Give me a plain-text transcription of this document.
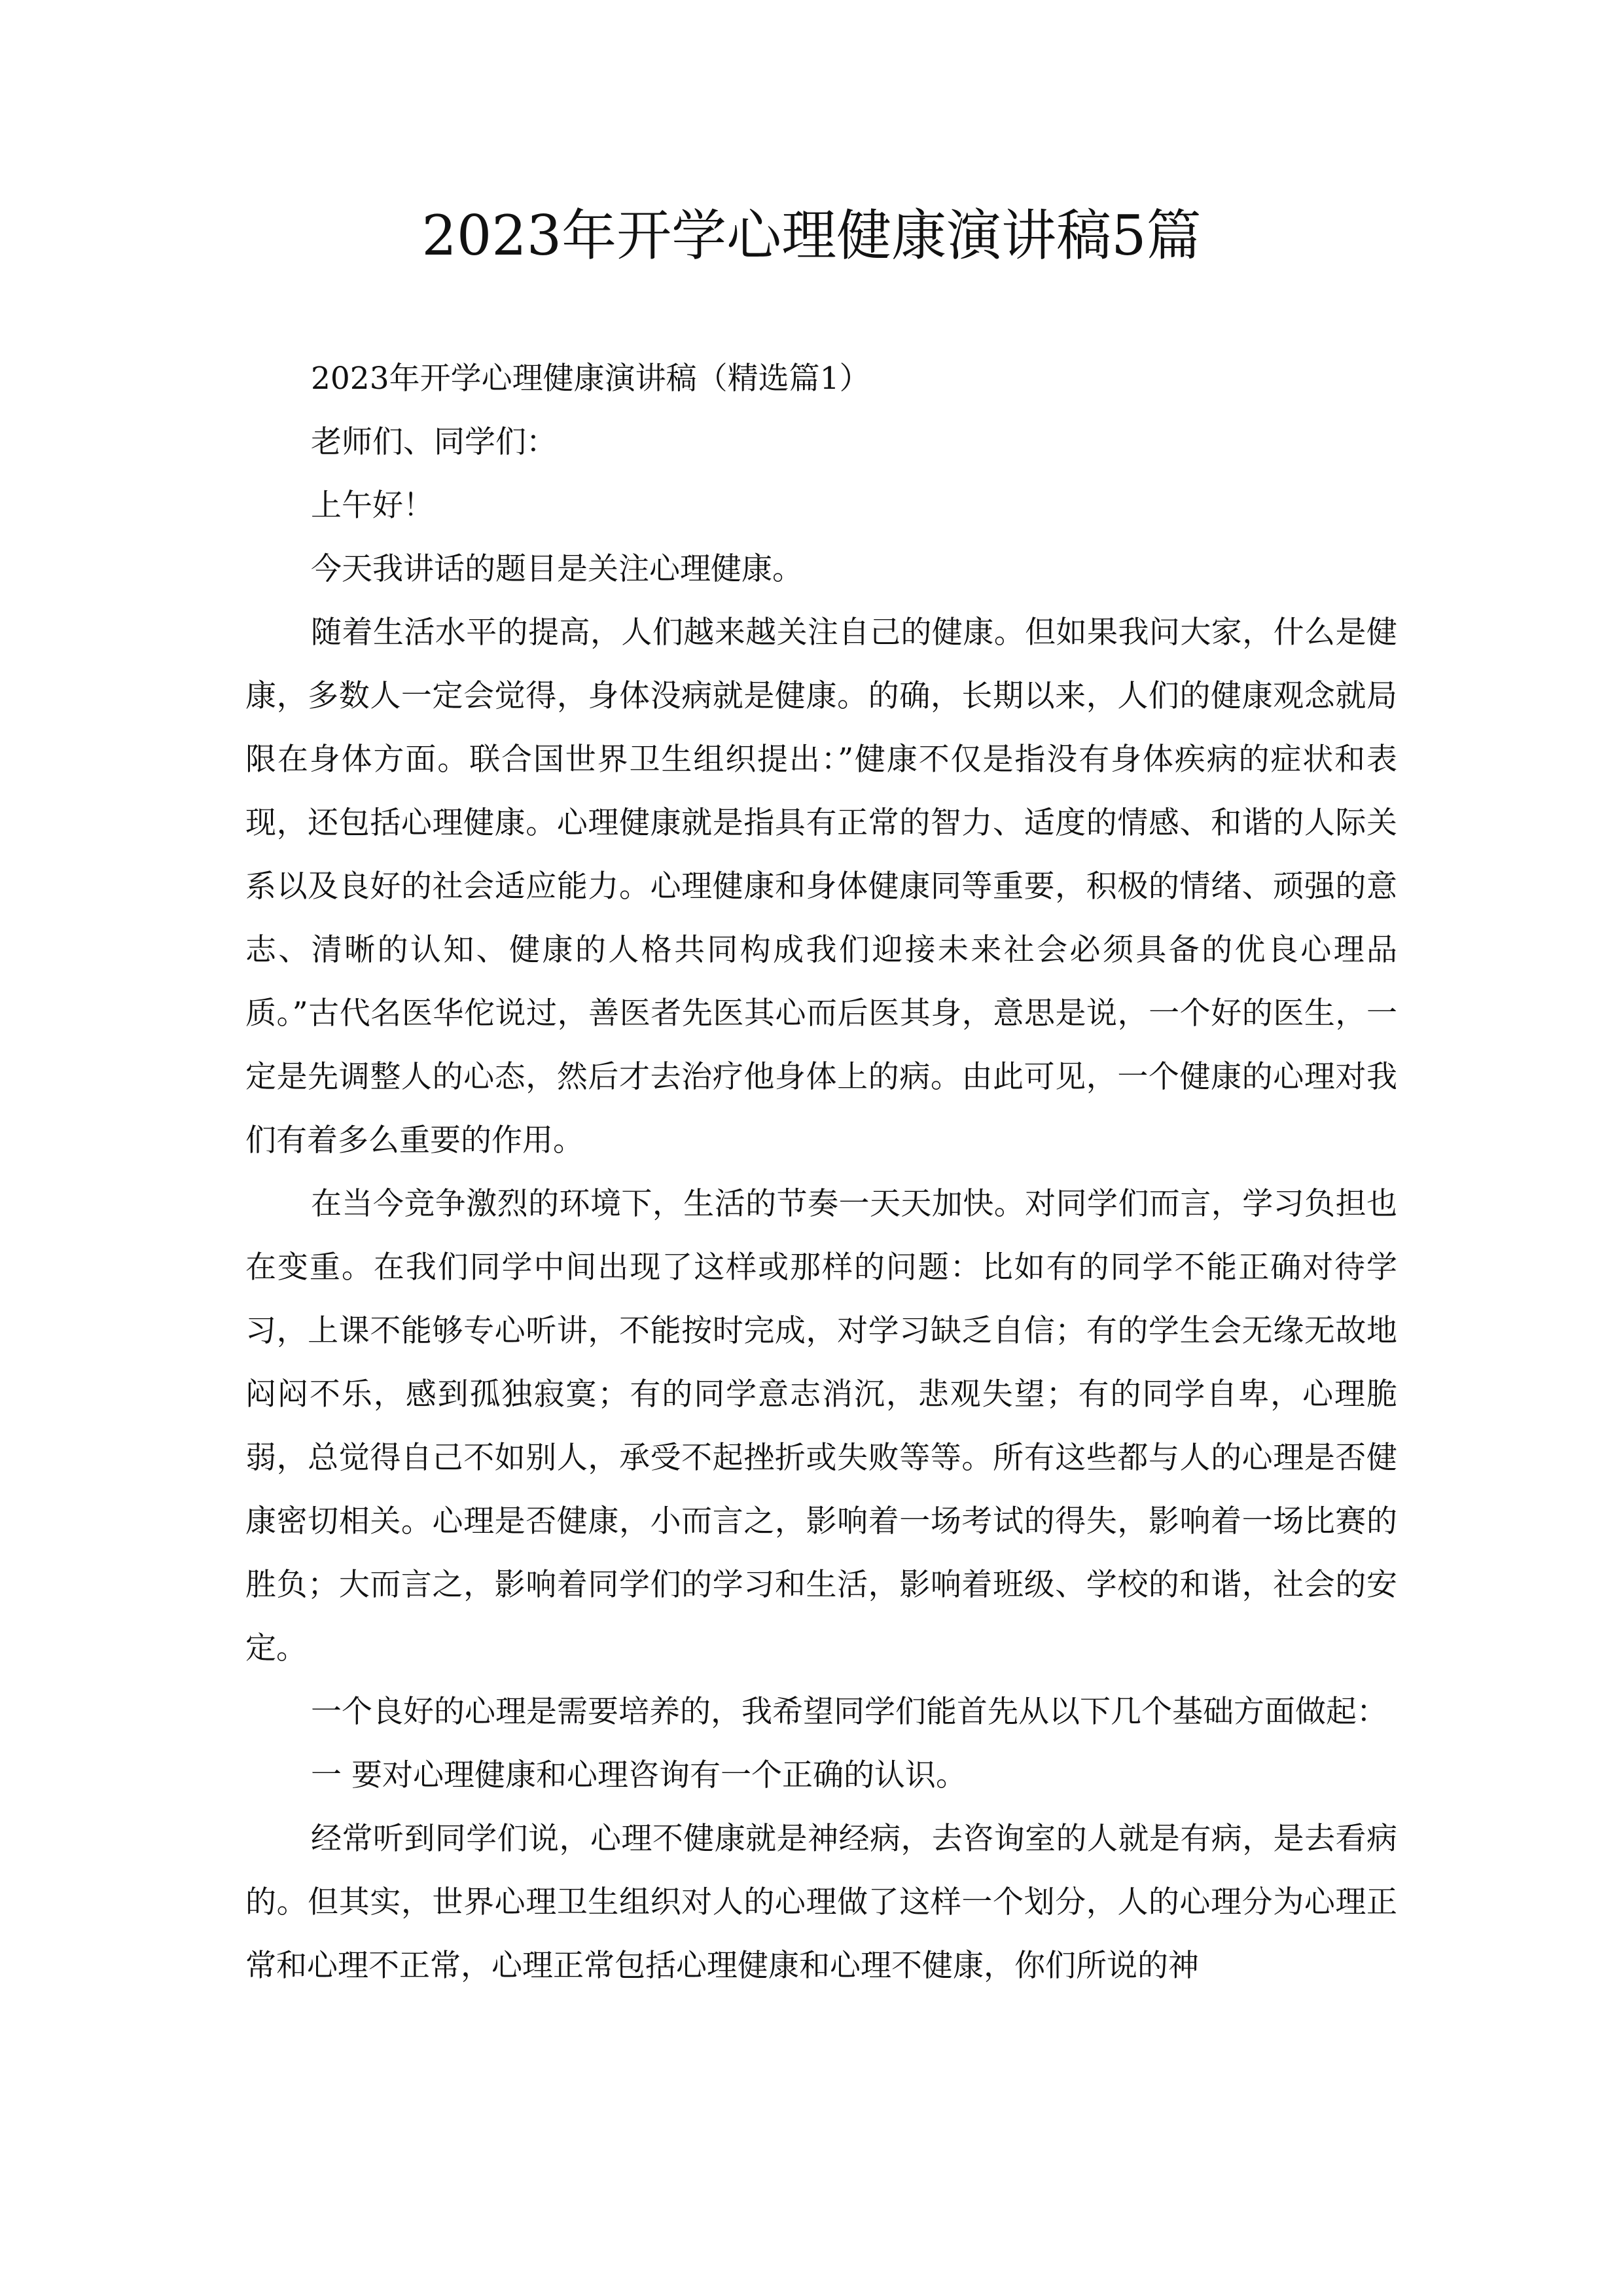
2023年开学心理健康演讲稿5篇

2023年开学心理健康演讲稿（精选篇1）

老师们、同学们：

上午好！

今天我讲话的题目是关注心理健康。

随着生活水平的提高，人们越来越关注自己的健康。但如果我问大家，什么是健康，多数人一定会觉得，身体没病就是健康。的确，长期以来，人们的健康观念就局限在身体方面。联合国世界卫生组织提出：”健康不仅是指没有身体疾病的症状和表现，还包括心理健康。心理健康就是指具有正常的智力、适度的情感、和谐的人际关系以及良好的社会适应能力。心理健康和身体健康同等重要，积极的情绪、顽强的意志、清晰的认知、健康的人格共同构成我们迎接未来社会必须具备的优良心理品质。”古代名医华佗说过，善医者先医其心而后医其身，意思是说，一个好的医生，一定是先调整人的心态，然后才去治疗他身体上的病。由此可见，一个健康的心理对我们有着多么重要的作用。

在当今竞争激烈的环境下，生活的节奏一天天加快。对同学们而言，学习负担也在变重。在我们同学中间出现了这样或那样的问题：比如有的同学不能正确对待学习，上课不能够专心听讲，不能按时完成，对学习缺乏自信；有的学生会无缘无故地闷闷不乐，感到孤独寂寞；有的同学意志消沉，悲观失望；有的同学自卑，心理脆弱，总觉得自己不如别人，承受不起挫折或失败等等。所有这些都与人的心理是否健康密切相关。心理是否健康，小而言之，影响着一场考试的得失，影响着一场比赛的胜负；大而言之，影响着同学们的学习和生活，影响着班级、学校的和谐，社会的安定。

一个良好的心理是需要培养的，我希望同学们能首先从以下几个基础方面做起：

一 要对心理健康和心理咨询有一个正确的认识。

经常听到同学们说，心理不健康就是神经病，去咨询室的人就是有病，是去看病的。但其实，世界心理卫生组织对人的心理做了这样一个划分，人的心理分为心理正常和心理不正常，心理正常包括心理健康和心理不健康，你们所说的神
